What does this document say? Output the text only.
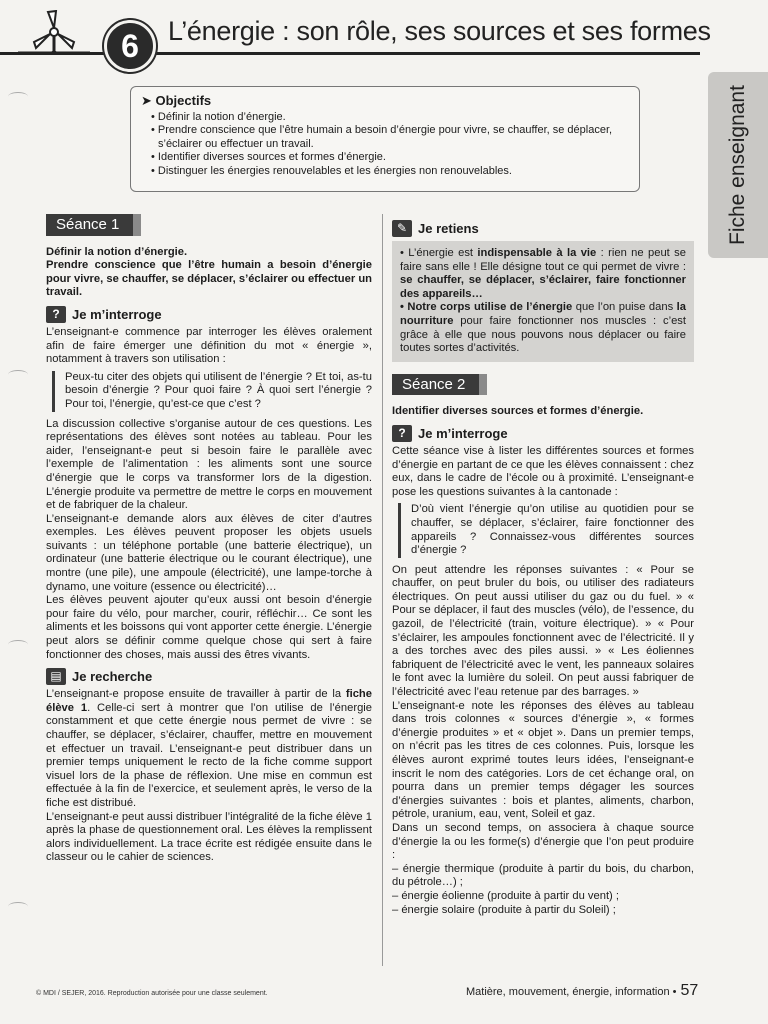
6	L’énergie : son rôle, ses sources et ses formes
Fiche enseignant
➤ Objectifs
• Définir la notion d’énergie.
• Prendre conscience que l’être humain a besoin d’énergie pour vivre, se chauffer, se déplacer, s’éclairer ou effectuer un travail.
• Identifier diverses sources et formes d’énergie.
• Distinguer les énergies renouvelables et les énergies non renouvelables.
Séance 1

Définir la notion d’énergie.

Prendre conscience que l’être humain a besoin d’énergie pour vivre, se chauffer, se déplacer, s’éclairer ou effectuer un travail.

? Je m’interroge

L’enseignant-e commence par interroger les élèves oralement afin de faire émerger une définition du mot « énergie », notamment à travers son utilisation :

Peux-tu citer des objets qui utilisent de l’énergie ? Et toi, as-tu besoin d’énergie ? Pour quoi faire ? À quoi sert l’énergie ? Pour toi, l’énergie, qu’est-ce que c’est ?

La discussion collective s’organise autour de ces questions. Les représentations des élèves sont notées au tableau. Pour les aider, l’enseignant-e peut si besoin faire le parallèle avec l’exemple de l’alimentation : les aliments sont une source d’énergie que le corps va transformer lors de la digestion. L’énergie produite va permettre de mettre le corps en mouvement et de fabriquer de la chaleur.

L’enseignant-e demande alors aux élèves de citer d’autres exemples. Les élèves peuvent proposer les objets usuels suivants : un téléphone portable (une batterie électrique), un ordinateur (une batterie électrique ou le courant électrique), une montre (une pile), une ampoule (électricité), une lampe-torche à dynamo, une voiture (essence ou électricité)…

Les élèves peuvent ajouter qu’eux aussi ont besoin d’énergie pour faire du vélo, pour marcher, courir, réfléchir… Ce sont les aliments et les boissons qui vont apporter cette énergie. L’énergie peut alors se définir comme quelque chose qui sert à faire fonctionner des choses, mais aussi des êtres vivants.

▤ Je recherche

L’enseignant-e propose ensuite de travailler à partir de la fiche élève 1. Celle-ci sert à montrer que l’on utilise de l’énergie constamment et que cette énergie nous permet de vivre : se chauffer, se déplacer, s’éclairer, chauffer, mettre en mouvement et effectuer un travail. L’enseignant-e peut distribuer dans un premier temps uniquement le recto de la fiche comme support visuel lors de la phase de réflexion. Une mise en commun est effectuée à la fin de l’exercice, et seulement après, le verso de la fiche est distribué.

L’enseignant-e peut aussi distribuer l’intégralité de la fiche élève 1 après la phase de questionnement oral. Les élèves la remplissent alors individuellement. La trace écrite est rédigée ensuite dans le classeur ou le cahier de sciences.

✎ Je retiens

• L’énergie est indispensable à la vie : rien ne peut se faire sans elle ! Elle désigne tout ce qui permet de vivre : se chauffer, se déplacer, s’éclairer, faire fonctionner des appareils…

• Notre corps utilise de l’énergie que l’on puise dans la nourriture pour faire fonctionner nos muscles : c’est grâce à elle que nous pouvons nous déplacer ou faire toutes sortes d’activités.

Séance 2

Identifier diverses sources et formes d’énergie.

? Je m’interroge

Cette séance vise à lister les différentes sources et formes d’énergie en partant de ce que les élèves connaissent : chez eux, dans le cadre de l’école ou à proximité. L’enseignant-e pose les questions suivantes à la cantonade :

D’où vient l’énergie qu’on utilise au quotidien pour se chauffer, se déplacer, s’éclairer, faire fonctionner des appareils ? Connaissez-vous différentes sources d’énergie ?

On peut attendre les réponses suivantes : « Pour se chauffer, on peut bruler du bois, ou utiliser des radiateurs électriques. On peut aussi utiliser du gaz ou du fuel. » « Pour se déplacer, il faut des muscles (vélo), de l’essence, du gazoil, de l’électricité (train, voiture électrique). » « Pour s’éclairer, les ampoules fonctionnent avec de l’électricité. Il y a des torches avec des piles aussi. » « Les éoliennes fabriquent de l’électricité avec le vent, les panneaux solaires le font avec la lumière du soleil. On peut aussi fabriquer de l’électricité avec l’eau retenue par des barrages. »

L’enseignant-e note les réponses des élèves au tableau dans trois colonnes « sources d’énergie », « formes d’énergie produites » et « objet ». Dans un premier temps, on n’écrit pas les titres de ces colonnes. Puis, lorsque les élèves auront exprimé toutes leurs idées, l’enseignant-e inscrit le nom des catégories. Lors de cet échange oral, on pourra dans un premier temps dégager les sources d’énergies suivantes : bois et plantes, aliments, charbon, pétrole, uranium, eau, vent, Soleil et gaz.

Dans un second temps, on associera à chaque source d’énergie la ou les forme(s) d’énergie que l’on peut produire :

– énergie thermique (produite à partir du bois, du charbon, du pétrole…) ;

– énergie éolienne (produite à partir du vent) ;

– énergie solaire (produite à partir du Soleil) ;

© MDI / SEJER, 2016. Reproduction autorisée pour une classe seulement.	Matière, mouvement, énergie, information • 57
